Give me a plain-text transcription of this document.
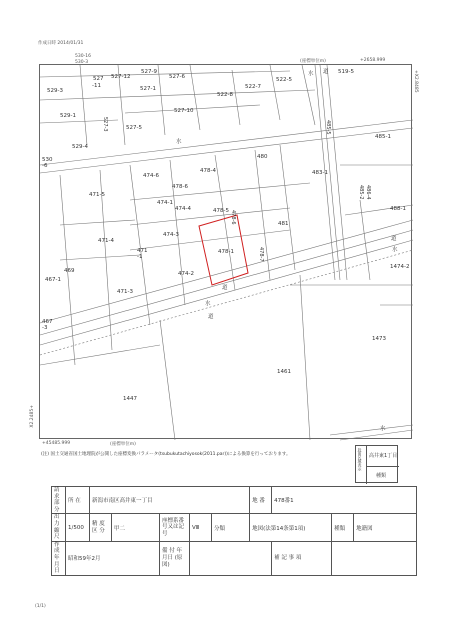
作成日時 2014/01/31
530-16
530-3
529-3
527
-11
527-12
527-9
527-6
527-1	522-7
522-5
519-5
529-1
522-8
527-10
527-5
485-1
529-4
530
-6
480
483-1
474-6
478-4
471-5
474-1
478-5
481
488-1
474-3
471-4
471
-1
478-1
474-2
469
467-1
471-3
1474-2
467
-3
1473
1461
1447
474-4
478-6
527-3	485-5
485-2 486-4
478-6
478-7
水 道
水
道
道
水
道
水
水
+2658.999
(座標単位m)
+45485.999	(座標単位m)
X2.2485+
+X2.8485
(注) 国土交通省国土地理院が公開した座標変換パラメータ(tsubukutachiyosok(2011.par))による換算を行っております。	段面区域表示 高井東1丁目
種類
請求部分	所 在	新潟市南区高井東一丁目					地 番	478番1		
出力縮尺	1/500	精 度 区 分	甲二	座標系番号又は記号	Ⅷ	分類	地図(法第14条第1項)		種類	地籍図
作 成 年月日	昭和59年2月			備 付 年月日 (原図)				補 記 事 項		
(1/1)
